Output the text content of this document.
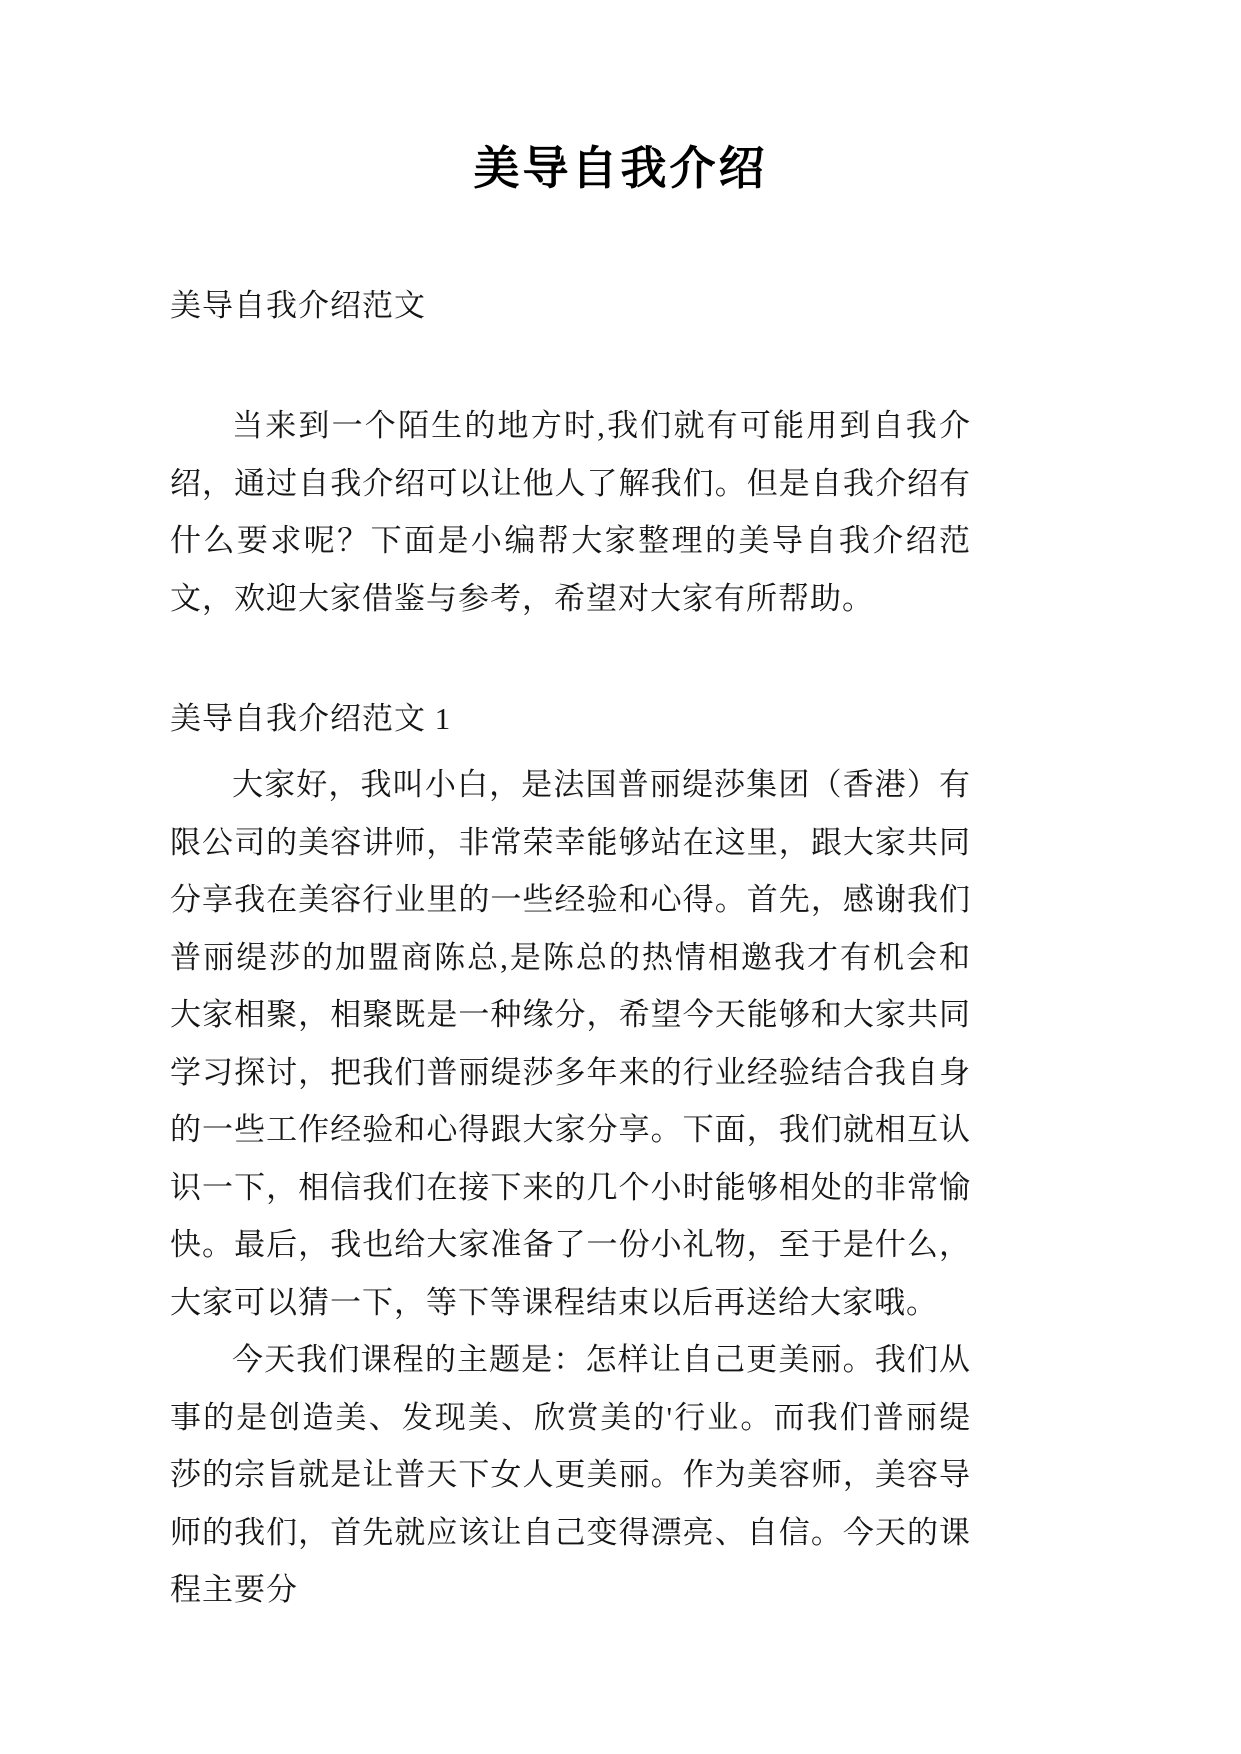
美导自我介绍

美导自我介绍范文

当来到一个陌生的地方时,我们就有可能用到自我介绍，通过自我介绍可以让他人了解我们。但是自我介绍有什么要求呢？下面是小编帮大家整理的美导自我介绍范文，欢迎大家借鉴与参考，希望对大家有所帮助。

美导自我介绍范文 1

大家好，我叫小白，是法国普丽缇莎集团（香港）有限公司的美容讲师，非常荣幸能够站在这里，跟大家共同分享我在美容行业里的一些经验和心得。首先，感谢我们普丽缇莎的加盟商陈总,是陈总的热情相邀我才有机会和大家相聚，相聚既是一种缘分，希望今天能够和大家共同学习探讨，把我们普丽缇莎多年来的行业经验结合我自身的一些工作经验和心得跟大家分享。下面，我们就相互认识一下，相信我们在接下来的几个小时能够相处的非常愉快。最后，我也给大家准备了一份小礼物，至于是什么，大家可以猜一下，等下等课程结束以后再送给大家哦。

今天我们课程的主题是：怎样让自己更美丽。我们从事的是创造美、发现美、欣赏美的'行业。而我们普丽缇莎的宗旨就是让普天下女人更美丽。作为美容师，美容导师的我们，首先就应该让自己变得漂亮、自信。今天的课程主要分
